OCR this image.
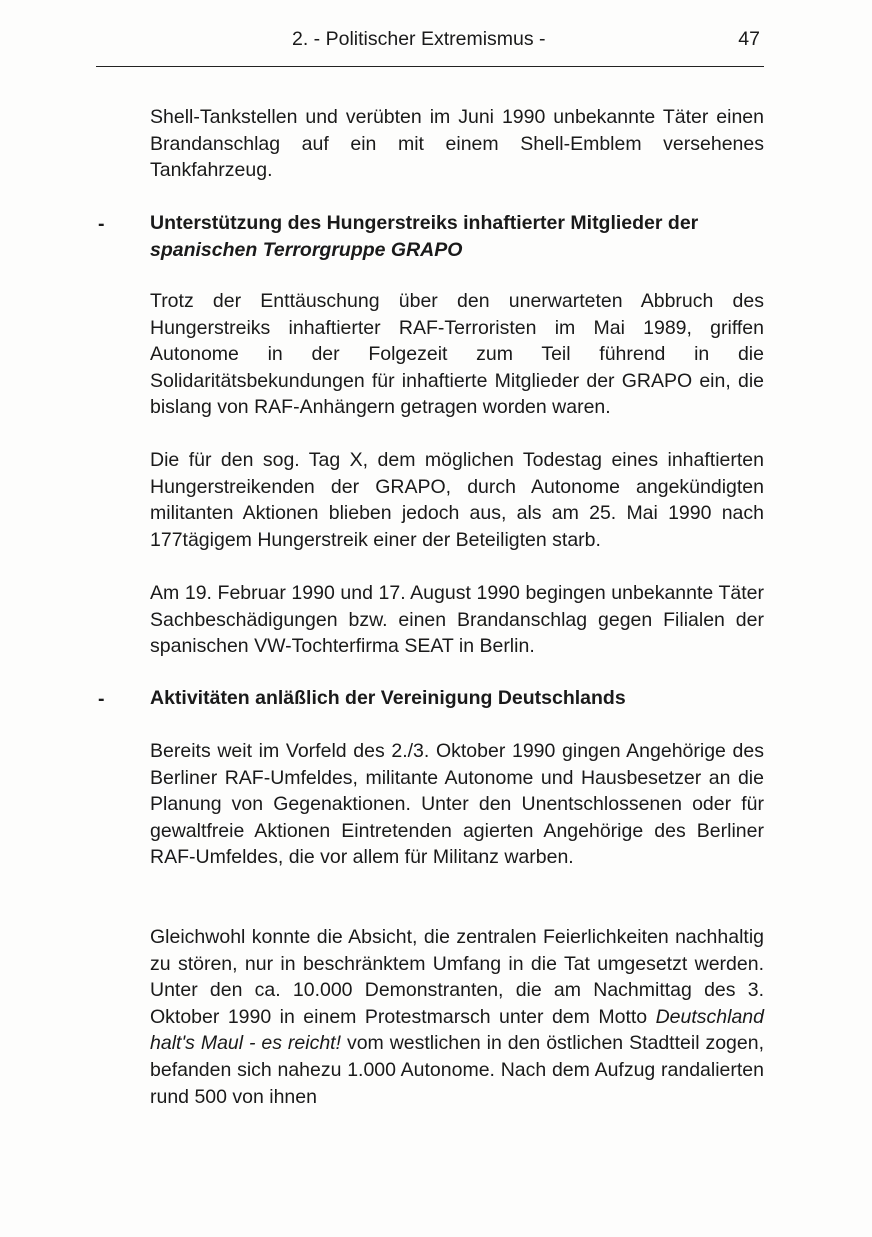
2. - Politischer Extremismus -	47
Shell-Tankstellen und verübten im Juni 1990 unbekannte Täter einen Brandanschlag auf ein mit einem Shell-Emblem versehenes Tankfahrzeug.
- Unterstützung des Hungerstreiks inhaftierter Mitglieder der
spanischen Terrorgruppe GRAPO
Trotz der Enttäuschung über den unerwarteten Abbruch des Hungerstreiks inhaftierter RAF-Terroristen im Mai 1989, griffen Autonome in der Folgezeit zum Teil führend in die Solidaritätsbekundungen für inhaftierte Mitglieder der GRAPO ein, die bislang von RAF-Anhängern getragen worden waren.
Die für den sog. Tag X, dem möglichen Todestag eines inhaftierten Hungerstreikenden der GRAPO, durch Autonome angekündigten militanten Aktionen blieben jedoch aus, als am 25. Mai 1990 nach 177tägigem Hungerstreik einer der Beteiligten starb.
Am 19. Februar 1990 und 17. August 1990 begingen unbekannte Täter Sachbeschädigungen bzw. einen Brandanschlag gegen Filialen der spanischen VW-Tochterfirma SEAT in Berlin.
- Aktivitäten anläßlich der Vereinigung Deutschlands
Bereits weit im Vorfeld des 2./3. Oktober 1990 gingen Angehörige des Berliner RAF-Umfeldes, militante Autonome und Hausbesetzer an die Planung von Gegenaktionen. Unter den Unentschlossenen oder für gewaltfreie Aktionen Eintretenden agierten Angehörige des Berliner RAF-Umfeldes, die vor allem für Militanz warben.
Gleichwohl konnte die Absicht, die zentralen Feierlichkeiten nachhaltig zu stören, nur in beschränktem Umfang in die Tat umgesetzt werden. Unter den ca. 10.000 Demonstranten, die am Nachmittag des 3. Oktober 1990 in einem Protestmarsch unter dem Motto Deutschland halt's Maul - es reicht! vom westlichen in den östlichen Stadtteil zogen, befanden sich nahezu 1.000 Autonome. Nach dem Aufzug randalierten rund 500 von ihnen
